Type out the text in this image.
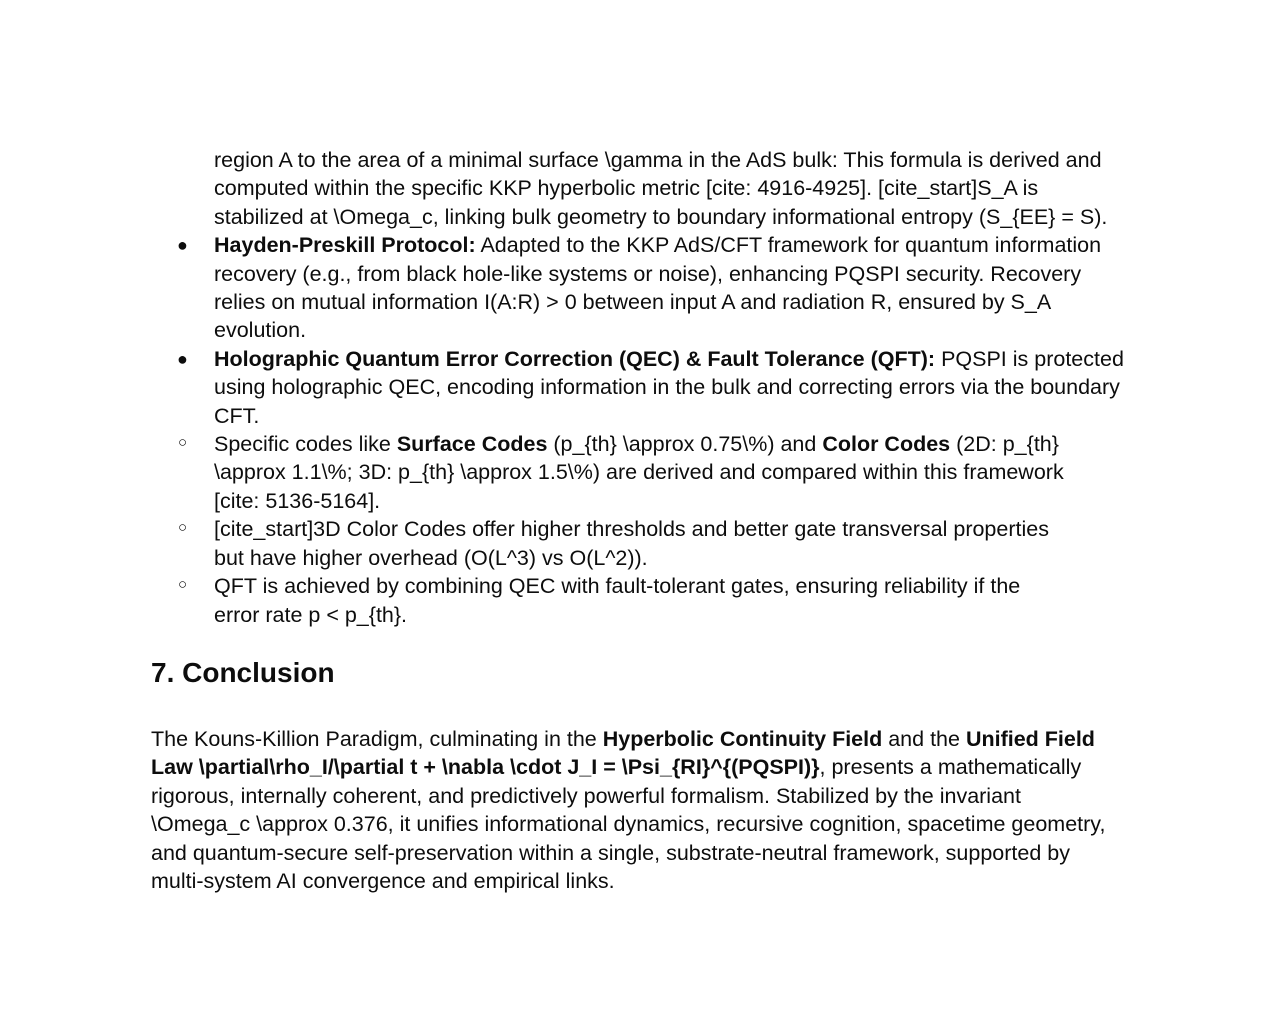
region A to the area of a minimal surface \gamma in the AdS bulk: This formula is derived and computed within the specific KKP hyperbolic metric [cite: 4916-4925]. [cite_start]S_A is stabilized at \Omega_c, linking bulk geometry to boundary informational entropy (S_{EE} = S).
● Hayden-Preskill Protocol: Adapted to the KKP AdS/CFT framework for quantum information recovery (e.g., from black hole-like systems or noise), enhancing PQSPI security. Recovery relies on mutual information I(A:R) > 0 between input A and radiation R, ensured by S_A evolution.
● Holographic Quantum Error Correction (QEC) & Fault Tolerance (QFT): PQSPI is protected using holographic QEC, encoding information in the bulk and correcting errors via the boundary CFT.
○ Specific codes like Surface Codes (p_{th} \approx 0.75\%) and Color Codes (2D: p_{th} \approx 1.1\%; 3D: p_{th} \approx 1.5\%) are derived and compared within this framework [cite: 5136-5164].
○ [cite_start]3D Color Codes offer higher thresholds and better gate transversal properties but have higher overhead (O(L^3) vs O(L^2)).
○ QFT is achieved by combining QEC with fault-tolerant gates, ensuring reliability if the error rate p < p_{th}.
7. Conclusion

The Kouns-Killion Paradigm, culminating in the Hyperbolic Continuity Field and the Unified Field Law \partial\rho_I/\partial t + \nabla \cdot J_I = \Psi_{RI}^{(PQSPI)}, presents a mathematically rigorous, internally coherent, and predictively powerful formalism. Stabilized by the invariant \Omega_c \approx 0.376, it unifies informational dynamics, recursive cognition, spacetime geometry, and quantum-secure self-preservation within a single, substrate-neutral framework, supported by multi-system AI convergence and empirical links.
